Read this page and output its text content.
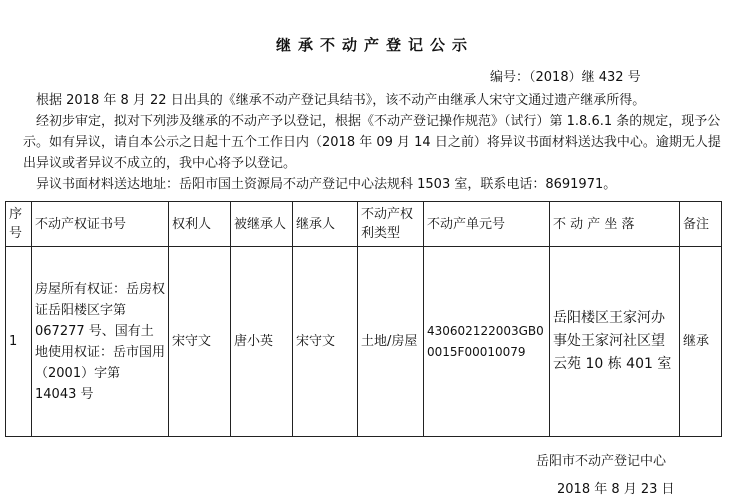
继承不动产登记公示
编号：（2018）继 432 号
根据 2018 年 8 月 22 日出具的《继承不动产登记具结书》，该不动产由继承人宋守文通过遗产继承所得。
经初步审定，拟对下列涉及继承的不动产予以登记，根据《不动产登记操作规范》（试行）第 1.8.6.1 条的规定，现予公示。如有异议，请自本公示之日起十五个工作日内（2018 年 09 月 14 日之前）将异议书面材料送达我中心。逾期无人提出异议或者异议不成立的，我中心将予以登记。
异议书面材料送达地址：岳阳市国土资源局不动产登记中心法规科 1503 室，联系电话：8691971。
序号	不动产权证书号	权利人	被继承人	继承人	不动产权利类型	不动产单元号	不 动 产 坐 落	备注
1	房屋所有权证：岳房权证岳阳楼区字第 067277 号、国有土地使用权证：岳市国用（2001）字第 14043 号	宋守文	唐小英	宋守文	土地/房屋	430602122003GB00015F00010079	岳阳楼区王家河办事处王家河社区望云苑 10 栋 401 室	继承
岳阳市不动产登记中心
2018 年 8 月 23 日
